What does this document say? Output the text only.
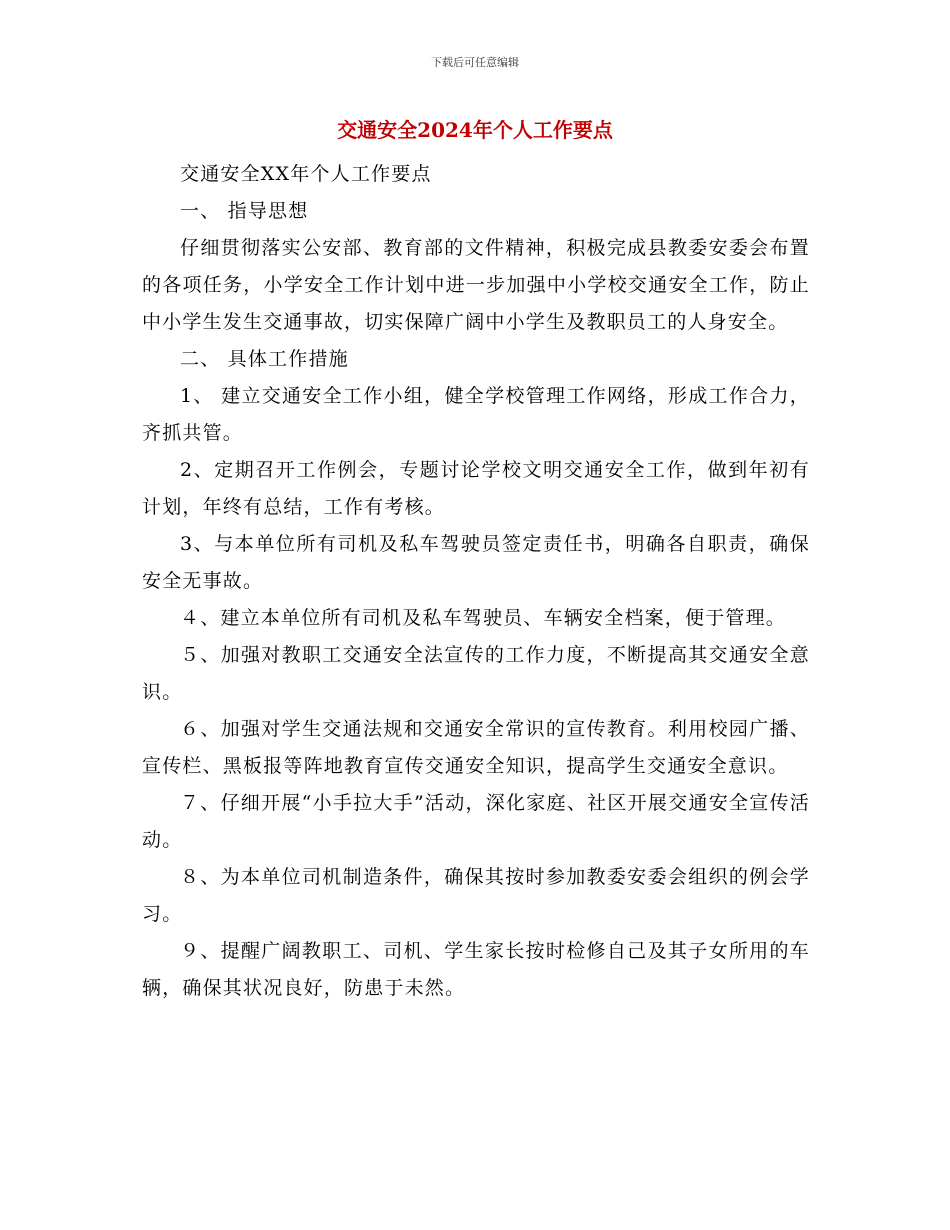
下载后可任意编辑
交通安全2024年个人工作要点

交通安全XX年个人工作要点

一、 指导思想

仔细贯彻落实公安部、教育部的文件精神，积极完成县教委安委会布置的各项任务，小学安全工作计划中进一步加强中小学校交通安全工作，防止中小学生发生交通事故，切实保障广阔中小学生及教职员工的人身安全。

二、 具体工作措施

1、 建立交通安全工作小组，健全学校管理工作网络，形成工作合力，齐抓共管。

2、定期召开工作例会，专题讨论学校文明交通安全工作，做到年初有计划，年终有总结，工作有考核。

3、与本单位所有司机及私车驾驶员签定责任书，明确各自职责，确保安全无事故。

４、建立本单位所有司机及私车驾驶员、车辆安全档案，便于管理。

５、加强对教职工交通安全法宣传的工作力度，不断提高其交通安全意识。

６、加强对学生交通法规和交通安全常识的宣传教育。利用校园广播、宣传栏、黑板报等阵地教育宣传交通安全知识，提高学生交通安全意识。

７、仔细开展“小手拉大手”活动，深化家庭、社区开展交通安全宣传活动。

８、为本单位司机制造条件，确保其按时参加教委安委会组织的例会学习。

９、提醒广阔教职工、司机、学生家长按时检修自己及其子女所用的车辆，确保其状况良好，防患于未然。
